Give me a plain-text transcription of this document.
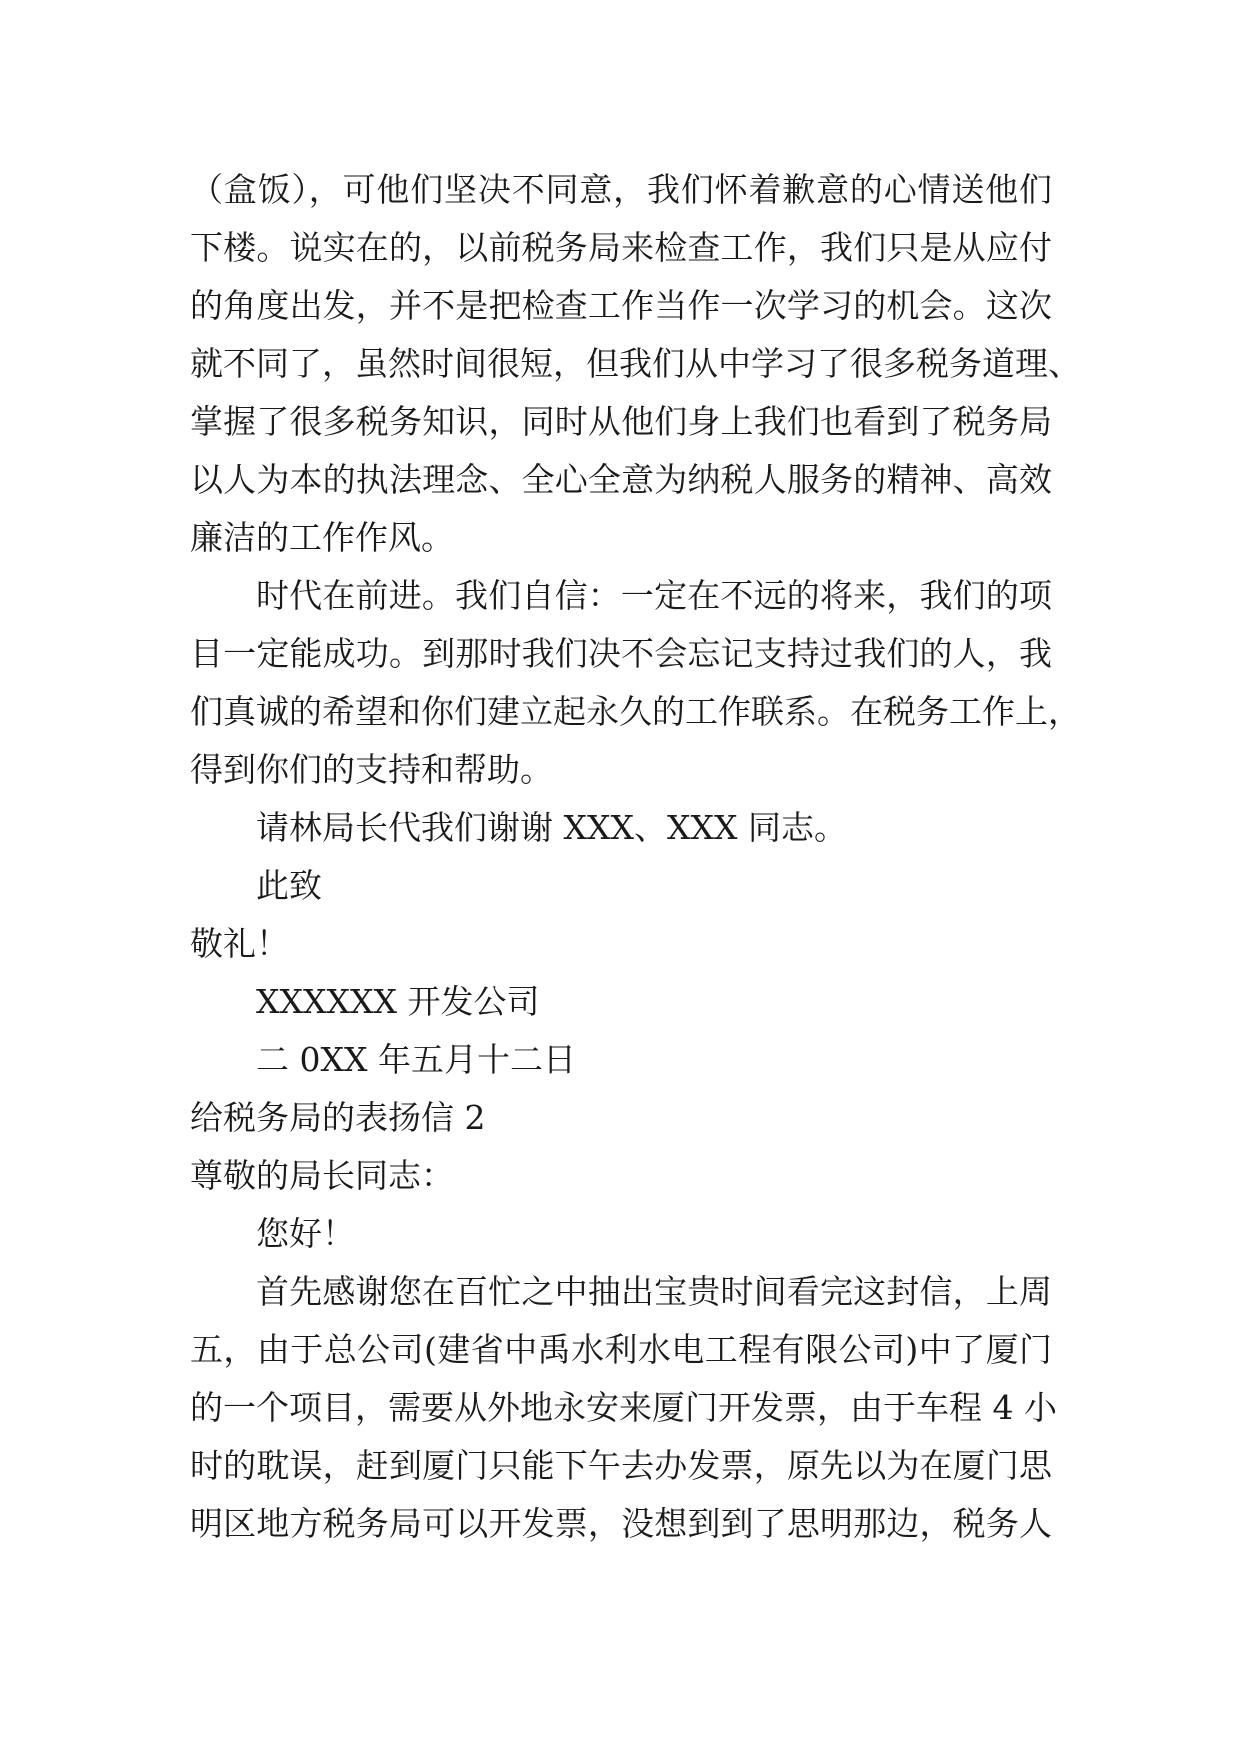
（盒饭），可他们坚决不同意，我们怀着歉意的心情送他们
下楼。说实在的，以前税务局来检查工作，我们只是从应付
的角度出发，并不是把检查工作当作一次学习的机会。这次
就不同了，虽然时间很短，但我们从中学习了很多税务道理、
掌握了很多税务知识，同时从他们身上我们也看到了税务局
以人为本的执法理念、全心全意为纳税人服务的精神、高效
廉洁的工作作风。
时代在前进。我们自信：一定在不远的将来，我们的项
目一定能成功。到那时我们决不会忘记支持过我们的人，我
们真诚的希望和你们建立起永久的工作联系。在税务工作上，
得到你们的支持和帮助。
请林局长代我们谢谢 XXX、XXX 同志。
此致
敬礼！
XXXXXX 开发公司
二 0XX 年五月十二日
给税务局的表扬信 2
尊敬的局长同志：
您好！
首先感谢您在百忙之中抽出宝贵时间看完这封信，上周
五，由于总公司(建省中禹水利水电工程有限公司)中了厦门
的一个项目，需要从外地永安来厦门开发票，由于车程 4 小
时的耽误，赶到厦门只能下午去办发票，原先以为在厦门思
明区地方税务局可以开发票，没想到到了思明那边，税务人
